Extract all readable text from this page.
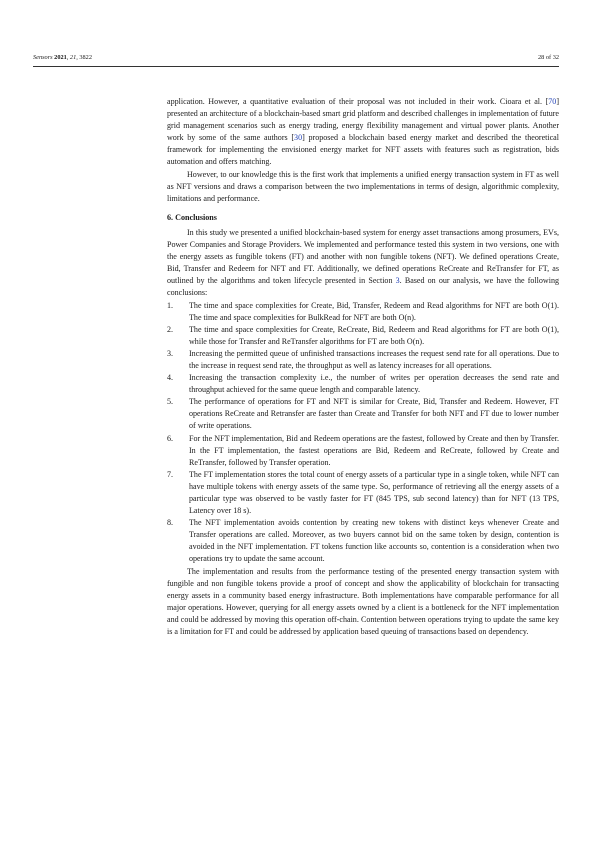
Sensors 2021, 21, 3822	28 of 32

application. However, a quantitative evaluation of their proposal was not included in their work. Cioara et al. [70] presented an architecture of a blockchain-based smart grid platform and described challenges in implementation of future grid management scenarios such as energy trading, energy flexibility management and virtual power plants. Another work by some of the same authors [30] proposed a blockchain based energy market and described the theoretical framework for implementing the envisioned energy market for NFT assets with features such as registration, bids automation and offers matching.

However, to our knowledge this is the first work that implements a unified energy transaction system in FT as well as NFT versions and draws a comparison between the two implementations in terms of design, algorithmic complexity, limitations and performance.

6. Conclusions

In this study we presented a unified blockchain-based system for energy asset transactions among prosumers, EVs, Power Companies and Storage Providers. We implemented and performance tested this system in two versions, one with the energy assets as fungible tokens (FT) and another with non fungible tokens (NFT). We defined operations Create, Bid, Transfer and Redeem for NFT and FT. Additionally, we defined operations ReCreate and ReTransfer for FT, as outlined by the algorithms and token lifecycle presented in Section 3. Based on our analysis, we have the following conclusions:

1. The time and space complexities for Create, Bid, Transfer, Redeem and Read algorithms for NFT are both O(1). The time and space complexities for BulkRead for NFT are both O(n).
2. The time and space complexities for Create, ReCreate, Bid, Redeem and Read algorithms for FT are both O(1), while those for Transfer and ReTransfer algorithms for FT are both O(n).
3. Increasing the permitted queue of unfinished transactions increases the request send rate for all operations. Due to the increase in request send rate, the throughput as well as latency increases for all operations.
4. Increasing the transaction complexity i.e., the number of writes per operation decreases the send rate and throughput achieved for the same queue length and comparable latency.
5. The performance of operations for FT and NFT is similar for Create, Bid, Transfer and Redeem. However, FT operations ReCreate and Retransfer are faster than Create and Transfer for both NFT and FT due to lower number of write operations.
6. For the NFT implementation, Bid and Redeem operations are the fastest, followed by Create and then by Transfer. In the FT implementation, the fastest operations are Bid, Redeem and ReCreate, followed by Create and ReTransfer, followed by Transfer operation.
7. The FT implementation stores the total count of energy assets of a particular type in a single token, while NFT can have multiple tokens with energy assets of the same type. So, performance of retrieving all the energy assets of a particular type was observed to be vastly faster for FT (845 TPS, sub second latency) than for NFT (13 TPS, Latency over 18 s).
8. The NFT implementation avoids contention by creating new tokens with distinct keys whenever Create and Transfer operations are called. Moreover, as two buyers cannot bid on the same token by design, contention is avoided in the NFT implementation. FT tokens function like accounts so, contention is a consideration when two operations try to update the same account.

The implementation and results from the performance testing of the presented energy transaction system with fungible and non fungible tokens provide a proof of concept and show the applicability of blockchain for transacting energy assets in a community based energy infrastructure. Both implementations have comparable performance for all major operations. However, querying for all energy assets owned by a client is a bottleneck for the NFT implementation and could be addressed by moving this operation off-chain. Contention between operations trying to update the same key is a limitation for FT and could be addressed by application based queuing of transactions based on dependency.
